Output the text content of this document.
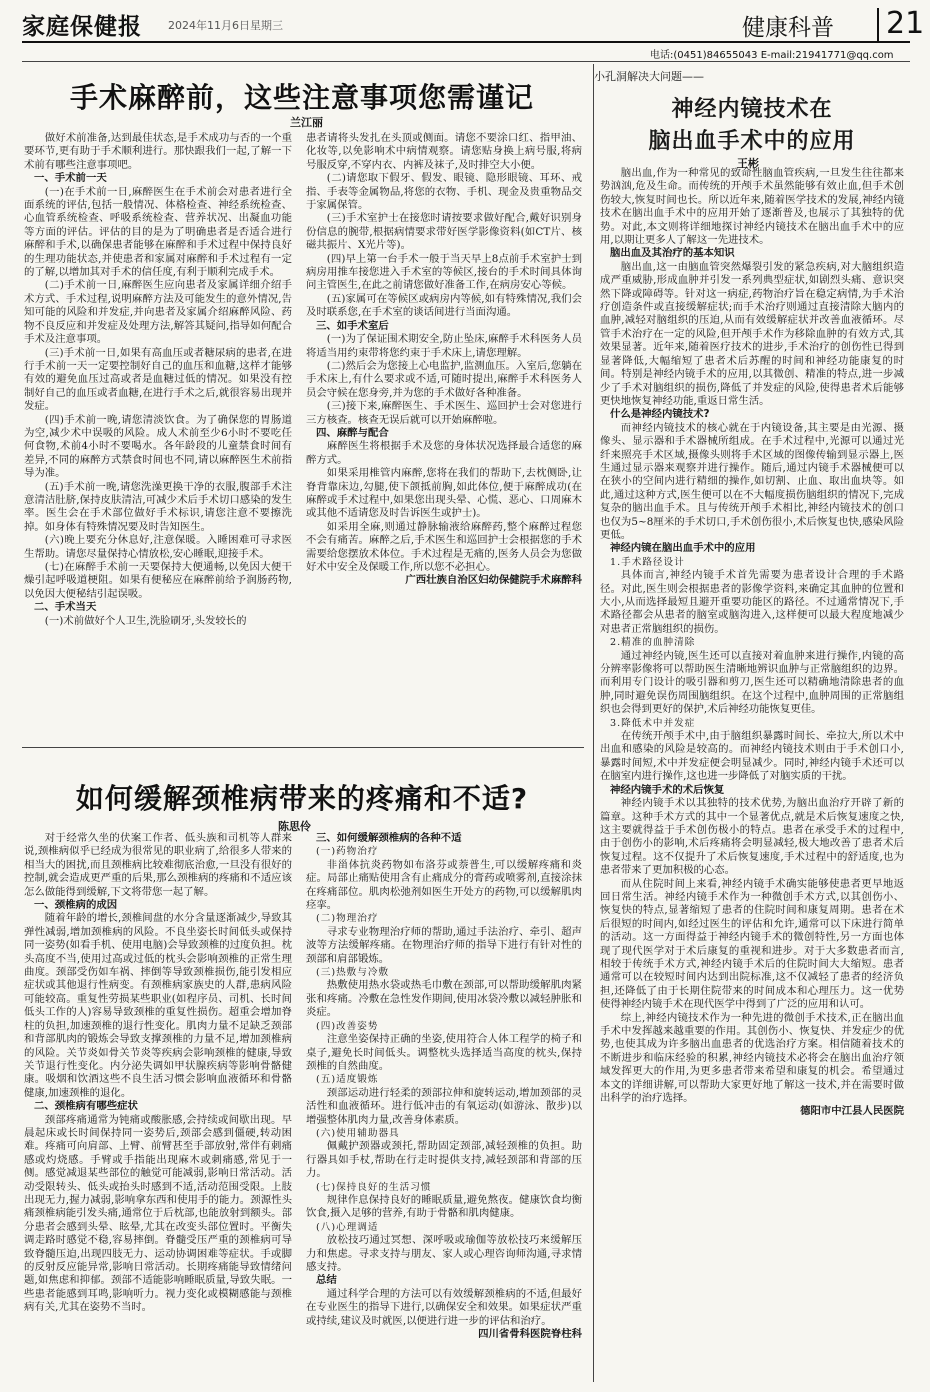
家庭保健报 2024年11月6日 星期三	健康科普 21
电话:(0451)84655043 E-mail:21941771@qq.com
手术麻醉前，这些注意事项您需谨记
兰江丽

做好术前准备,达到最佳状态,是手术成功与否的一个重要环节,更有助于手术顺利进行。那快跟我们一起,了解一下术前有哪些注意事项吧。

一、手术前一天

(一)在手术前一日,麻醉医生在手术前会对患者进行全面系统的评估,包括一般情况、体格检查、神经系统检查、心血管系统检查、呼吸系统检查、营养状况、出凝血功能等方面的评估。评估的目的是为了明确患者是否适合进行麻醉和手术,以确保患者能够在麻醉和手术过程中保持良好的生理功能状态,并使患者和家属对麻醉和手术过程有一定的了解,以增加其对手术的信任度,有利于顺利完成手术。

(二)手术前一日,麻醉医生应向患者及家属详细介绍手术方式、手术过程,说明麻醉方法及可能发生的意外情况,告知可能的风险和并发症,并向患者及家属介绍麻醉风险、药物不良反应和并发症及处理方法,解答其疑问,指导如何配合手术及注意事项。

(三)手术前一日,如果有高血压或者糖尿病的患者,在进行手术前一天一定要控制好自己的血压和血糖,这样才能够有效的避免血压过高或者是血糖过低的情况。如果没有控制好自己的血压或者血糖,在进行手术之后,就很容易出现并发症。

(四)手术前一晚,请您清淡饮食。为了确保您的胃肠道为空,减少术中误吸的风险。成人术前至少6小时不要吃任何食物,术前4小时不要喝水。各年龄段的儿童禁食时间有差异,不同的麻醉方式禁食时间也不同,请以麻醉医生术前指导为准。

(五)手术前一晚,请您洗澡更换干净的衣服,腹部手术注意清洁肚脐,保持皮肤清洁,可减少术后手术切口感染的发生率。医生会在手术部位做好手术标识,请您注意不要擦洗掉。如身体有特殊情况要及时告知医生。

(六)晚上要充分休息好,注意保暖。入睡困难可寻求医生帮助。请您尽量保持心情放松,安心睡眠,迎接手术。

(七)在麻醉手术前一天要保持大便通畅,以免因大便干燥引起呼吸道梗阻。如果有便秘应在麻醉前给予润肠药物,以免因大便秘结引起误吸。

二、手术当天

(一)术前做好个人卫生,洗脸刷牙,头发较长的

患者请将头发扎在头顶或侧面。请您不要涂口红、指甲油、化妆等,以免影响术中病情观察。请您贴身换上病号服,将病号服反穿,不穿内衣、内裤及袜子,及时排空大小便。

(二)请您取下假牙、假发、眼镜、隐形眼镜、耳环、戒指、手表等金属物品,将您的衣物、手机、现金及贵重物品交于家属保管。

(三)手术室护士在接您时请按要求做好配合,戴好识别身份信息的腕带,根据病情要求带好医学影像资料(如CT片、核磁共振片、X光片等)。

(四)早上第一台手术一般于当天早上8点前手术室护士到病房用推车接您进入手术室的等候区,接台的手术时间具体询问主管医生,在此之前请您做好准备工作,在病房安心等候。

(五)家属可在等候区或病房内等候,如有特殊情况,我们会及时联系您,在手术室的谈话间进行当面沟通。

三、如手术室后

(一)为了保证围术期安全,防止坠床,麻醉手术科医务人员将适当用约束带将您约束于手术床上,请您理解。

(二)然后会为您接上心电监护,监测血压。入室后,您躺在手术床上,有什么要求或不适,可随时提出,麻醉手术科医务人员会守候在您身旁,并为您的手术做好各种准备。

(三)接下来,麻醉医生、手术医生、巡回护士会对您进行三方核查。核查无误后就可以开始麻醉啦。

四、麻醉与配合

麻醉医生将根据手术及您的身体状况选择最合适您的麻醉方式。

如果采用椎管内麻醉,您将在我们的帮助下,去枕侧卧,让脊背靠床边,勾腿,使下颌抵前胸,如此体位,便于麻醉成功(在麻醉或手术过程中,如果您出现头晕、心慌、恶心、口周麻木或其他不适请您及时告诉医生或护士)。

如采用全麻,则通过静脉输液给麻醉药,整个麻醉过程您不会有痛苦。麻醉之后,手术医生和巡回护士会根据您的手术需要给您摆放术体位。手术过程是无痛的,医务人员会为您做好术中安全及保暖工作,所以您不必担心。

广西壮族自治区妇幼保健院手术麻醉科

如何缓解颈椎病带来的疼痛和不适?
陈思伶

对于经常久坐的伏案工作者、低头族和司机等人群来说,颈椎病似乎已经成为很常见的职业病了,给很多人带来的相当大的困扰,而且颈椎病比较难彻底治愈,一旦没有很好的控制,就会造成更严重的后果,那么颈椎病的疼痛和不适应该怎么做能得到缓解,下文将带您一起了解。

一、颈椎病的成因

随着年龄的增长,颈椎间盘的水分含量逐渐减少,导致其弹性减弱,增加颈椎病的风险。不良坐姿长时间低头或保持同一姿势(如看手机、使用电脑)会导致颈椎的过度负担。枕头高度不当,使用过高或过低的枕头会影响颈椎的正常生理曲度。颈部受伤如车祸、摔倒等导致颈椎损伤,能引发相应症状或其他退行性病变。有颈椎病家族史的人群,患病风险可能较高。重复性劳损某些职业(如程序员、司机、长时间低头工作的人)容易导致颈椎的重复性损伤。超重会增加脊柱的负担,加速颈椎的退行性变化。肌肉力量不足缺乏颈部和背部肌肉的锻炼会导致支撑颈椎的力量不足,增加颈椎病的风险。关节炎如骨关节炎等疾病会影响颈椎的健康,导致关节退行性变化。内分泌失调如甲状腺疾病等影响骨骼健康。吸烟和饮酒这些不良生活习惯会影响血液循环和骨骼健康,加速颈椎的退化。

二、颈椎病有哪些症状

颈部疼痛通常为钝痛或酸胀感,会持续或间歇出现。早晨起床或长时间保持同一姿势后,颈部会感到僵硬,转动困难。疼痛可向肩部、上臂、前臂甚至手部放射,常伴有刺痛感或灼烧感。手臂或手指能出现麻木或刺痛感,常见于一侧。感觉减退某些部位的触觉可能减弱,影响日常活动。活动受限转头、低头或抬头时感到不适,活动范围受限。上肢出现无力,握力减弱,影响拿东西和使用手的能力。颈源性头痛颈椎病能引发头痛,通常位于后枕部,也能放射到额头。部分患者会感到头晕、眩晕,尤其在改变头部位置时。平衡失调走路时感觉不稳,容易摔倒。脊髓受压严重的颈椎病可导致脊髓压迫,出现四肢无力、运动协调困难等症状。手或脚的反射反应能异常,影响日常活动。长期疼痛能导致情绪问题,如焦虑和抑郁。颈部不适能影响睡眠质量,导致失眠。一些患者能感到耳鸣,影响听力。视力变化或模糊感能与颈椎病有关,尤其在姿势不当时。

三、如何缓解颈椎病的各种不适

(一)药物治疗

非甾体抗炎药物如布洛芬或萘普生,可以缓解疼痛和炎症。局部止痛贴使用含有止痛成分的膏药或喷雾剂,直接涂抹在疼痛部位。肌肉松弛剂如医生开处方的药物,可以缓解肌肉痉挛。

(二)物理治疗

寻求专业物理治疗师的帮助,通过手法治疗、牵引、超声波等方法缓解疼痛。在物理治疗师的指导下进行有针对性的颈部和肩部锻炼。

(三)热敷与冷敷

热敷使用热水袋或热毛巾敷在颈部,可以帮助缓解肌肉紧张和疼痛。冷敷在急性发作期间,使用冰袋冷敷以减轻肿胀和炎症。

(四)改善姿势

注意坐姿保持正确的坐姿,使用符合人体工程学的椅子和桌子,避免长时间低头。调整枕头选择适当高度的枕头,保持颈椎的自然曲度。

(五)适度锻炼

颈部运动进行轻柔的颈部拉伸和旋转运动,增加颈部的灵活性和血液循环。进行低冲击的有氧运动(如游泳、散步)以增强整体肌肉力量,改善身体素质。

(六)使用辅助器具

佩戴护颈器或颈托,帮助固定颈部,减轻颈椎的负担。助行器具如手杖,帮助在行走时提供支持,减轻颈部和背部的压力。

(七)保持良好的生活习惯

规律作息保持良好的睡眠质量,避免熬夜。健康饮食均衡饮食,摄入足够的营养,有助于骨骼和肌肉健康。

(八)心理调适

放松技巧通过冥想、深呼吸或瑜伽等放松技巧来缓解压力和焦虑。寻求支持与朋友、家人或心理咨询师沟通,寻求情感支持。

总结

通过科学合理的方法可以有效缓解颈椎病的不适,但最好在专业医生的指导下进行,以确保安全和效果。如果症状严重或持续,建议及时就医,以便进行进一步的评估和治疗。

四川省骨科医院脊柱科

小孔洞解决大问题——
神经内镜技术在
脑出血手术中的应用
王彬

脑出血,作为一种常见的致命性脑血管疾病,一旦发生往往都来势汹汹,危及生命。而传统的开颅手术虽然能够有效止血,但手术创伤较大,恢复时间也长。所以近年来,随着医学技术的发展,神经内镜技术在脑出血手术中的应用开始了逐渐普及,也展示了其独特的优势。对此,本文则将详细地探讨神经内镜技术在脑出血手术中的应用,以期让更多人了解这一先进技术。

脑出血及其治疗的基本知识

脑出血,这一由脑血管突然爆裂引发的紧急疾病,对大脑组织造成严重威胁,形成血肿并引发一系列典型症状,如剧烈头痛、意识突然下降或障碍等。针对这一病症,药物治疗旨在稳定病情,为手术治疗创造条件或直接缓解症状;而手术治疗则通过直接清除大脑内的血肿,减轻对脑组织的压迫,从而有效缓解症状并改善血液循环。尽管手术治疗在一定的风险,但开颅手术作为移除血肿的有效方式,其效果显著。近年来,随着医疗技术的进步,手术治疗的创伤性已得到显著降低,大幅缩短了患者术后苏醒的时间和神经功能康复的时间。特别是神经内镜手术的应用,以其微创、精准的特点,进一步减少了手术对脑组织的损伤,降低了并发症的风险,使得患者术后能够更快地恢复神经功能,重返日常生活。

什么是神经内镜技术?

而神经内镜技术的核心就在于内镜设备,其主要是由光源、摄像头、显示器和手术器械所组成。在手术过程中,光源可以通过光纤来照亮手术区域,摄像头则将手术区域的图像传输到显示器上,医生通过显示器来观察并进行操作。随后,通过内镜手术器械便可以在狭小的空间内进行精细的操作,如切割、止血、取出血块等。如此,通过这种方式,医生便可以在不大幅度损伤脑组织的情况下,完成复杂的脑出血手术。且与传统开颅手术相比,神经内镜技术的创口也仅为5~8厘米的手术切口,手术创伤很小,术后恢复也快,感染风险更低。

神经内镜在脑出血手术中的应用

1.手术路径设计

具体而言,神经内镜手术首先需要为患者设计合理的手术路径。对此,医生则会根据患者的影像学资料,来确定其血肿的位置和大小,从而选择最短且避开重要功能区的路径。不过通常情况下,手术路径都会从患者的脑室或脑沟进入,这样便可以最大程度地减少对患者正常脑组织的损伤。

2.精准的血肿清除

通过神经内镜,医生还可以直接对着血肿来进行操作,内镜的高分辨率影像将可以帮助医生清晰地辨识血肿与正常脑组织的边界。而利用专门设计的吸引器和剪刀,医生还可以精确地清除患者的血肿,同时避免误伤周围脑组织。在这个过程中,血肿周围的正常脑组织也会得到更好的保护,术后神经功能恢复更佳。

3.降低术中并发症

在传统开颅手术中,由于脑组织暴露时间长、牵拉大,所以术中出血和感染的风险是较高的。而神经内镜技术则由于手术创口小,暴露时间短,术中并发症便会明显减少。同时,神经内镜手术还可以在脑室内进行操作,这也进一步降低了对脑实质的干扰。

神经内镜手术的术后恢复

神经内镜手术以其独特的技术优势,为脑出血治疗开辟了新的篇章。这种手术方式的其中一个显著优点,就是术后恢复速度之快,这主要就得益于手术创伤极小的特点。患者在承受手术的过程中,由于创伤小的影响,术后疼痛将会明显减轻,极大地改善了患者术后恢复过程。这不仅提升了术后恢复速度,手术过程中的舒适度,也为患者带来了更加积极的心态。

而从住院时间上来看,神经内镜手术确实能够使患者更早地返回日常生活。神经内镜手术作为一种微创手术方式,以其创伤小、恢复快的特点,显著缩短了患者的住院时间和康复周期。患者在术后很短的时间内,如经过医生的评估和允许,通常可以下床进行简单的活动。这一方面得益于神经内镜手术的微创特性,另一方面也体现了现代医学对于术后康复的重视和进步。对于大多数患者而言,相较于传统手术方式,神经内镜手术后的住院时间大大缩短。患者通常可以在较短时间内达到出院标准,这不仅减轻了患者的经济负担,还降低了由于长期住院带来的时间成本和心理压力。这一优势使得神经内镜手术在现代医学中得到了广泛的应用和认可。

综上,神经内镜技术作为一种先进的微创手术技术,正在脑出血手术中发挥越来越重要的作用。其创伤小、恢复快、并发症少的优势,也使其成为许多脑出血患者的优选治疗方案。相信随着技术的不断进步和临床经验的积累,神经内镜技术必将会在脑出血治疗领域发挥更大的作用,为更多患者带来希望和康复的机会。希望通过本文的详细讲解,可以帮助大家更好地了解这一技术,并在需要时做出科学的治疗选择。

德阳市中江县人民医院
